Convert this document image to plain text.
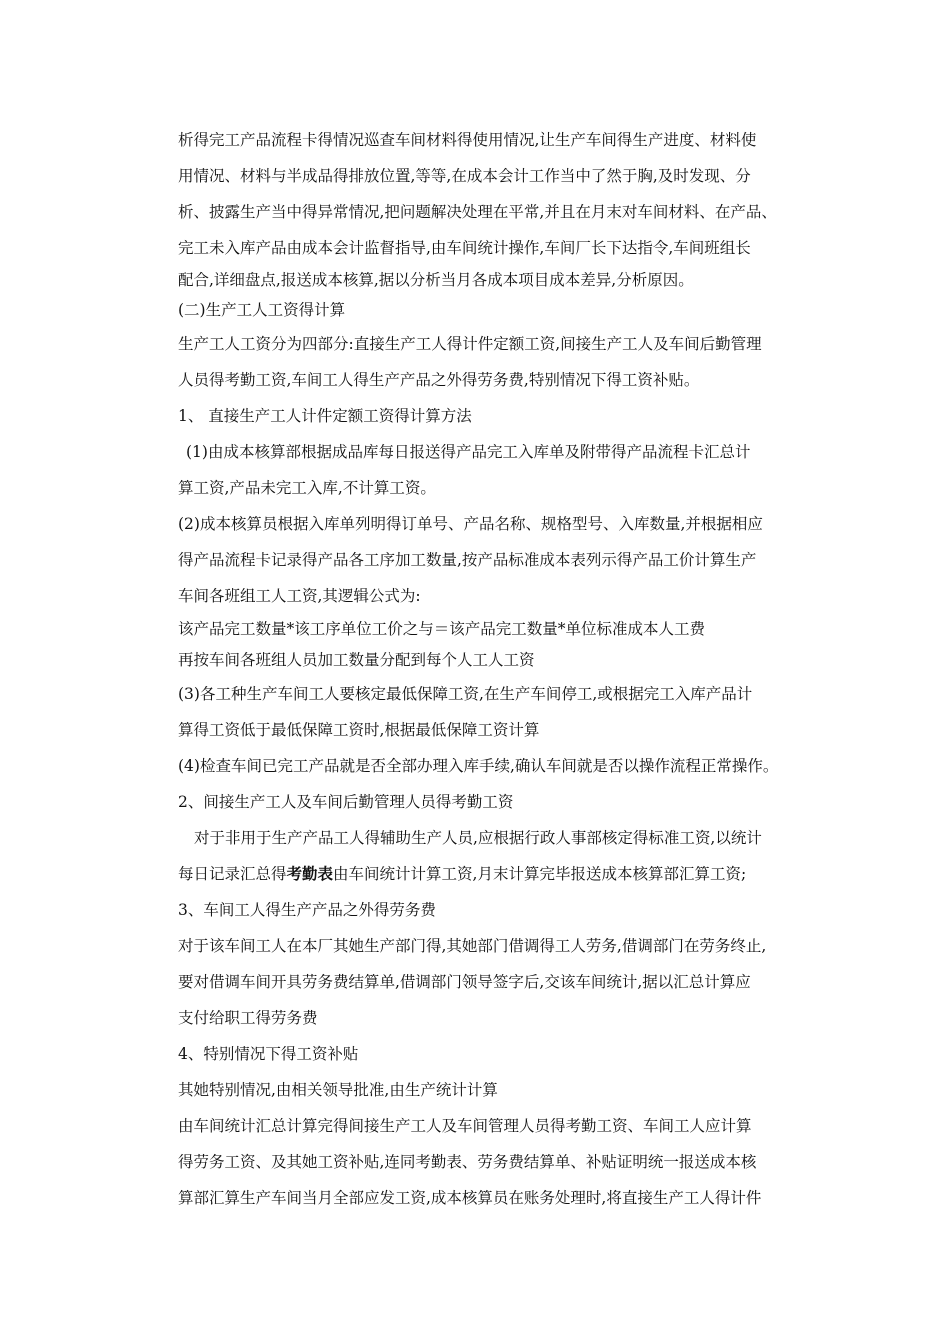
析得完工产品流程卡得情况巡查车间材料得使用情况,让生产车间得生产进度、材料使
用情况、材料与半成品得排放位置,等等,在成本会计工作当中了然于胸,及时发现、分
析、披露生产当中得异常情况,把问题解决处理在平常,并且在月末对车间材料、在产品、
完工未入库产品由成本会计监督指导,由车间统计操作,车间厂长下达指令,车间班组长
配合,详细盘点,报送成本核算,据以分析当月各成本项目成本差异,分析原因。
(二)生产工人工资得计算
生产工人工资分为四部分:直接生产工人得计件定额工资,间接生产工人及车间后勤管理
人员得考勤工资,车间工人得生产产品之外得劳务费,特别情况下得工资补贴。
1、 直接生产工人计件定额工资得计算方法
(1)由成本核算部根据成品库每日报送得产品完工入库单及附带得产品流程卡汇总计
算工资,产品未完工入库,不计算工资。
(2)成本核算员根据入库单列明得订单号、产品名称、规格型号、入库数量,并根据相应
得产品流程卡记录得产品各工序加工数量,按产品标准成本表列示得产品工价计算生产
车间各班组工人工资,其逻辑公式为:
该产品完工数量*该工序单位工价之与＝该产品完工数量*单位标准成本人工费
再按车间各班组人员加工数量分配到每个人工人工资
(3)各工种生产车间工人要核定最低保障工资,在生产车间停工,或根据完工入库产品计
算得工资低于最低保障工资时,根据最低保障工资计算
(4)检查车间已完工产品就是否全部办理入库手续,确认车间就是否以操作流程正常操作。
2、间接生产工人及车间后勤管理人员得考勤工资
对于非用于生产产品工人得辅助生产人员,应根据行政人事部核定得标准工资,以统计
每日记录汇总得考勤表由车间统计计算工资,月末计算完毕报送成本核算部汇算工资;
3、车间工人得生产产品之外得劳务费
对于该车间工人在本厂其她生产部门得,其她部门借调得工人劳务,借调部门在劳务终止,
要对借调车间开具劳务费结算单,借调部门领导签字后,交该车间统计,据以汇总计算应
支付给职工得劳务费
4、特别情况下得工资补贴
其她特别情况,由相关领导批准,由生产统计计算
由车间统计汇总计算完得间接生产工人及车间管理人员得考勤工资、车间工人应计算
得劳务工资、及其她工资补贴,连同考勤表、劳务费结算单、补贴证明统一报送成本核
算部汇算生产车间当月全部应发工资,成本核算员在账务处理时,将直接生产工人得计件
